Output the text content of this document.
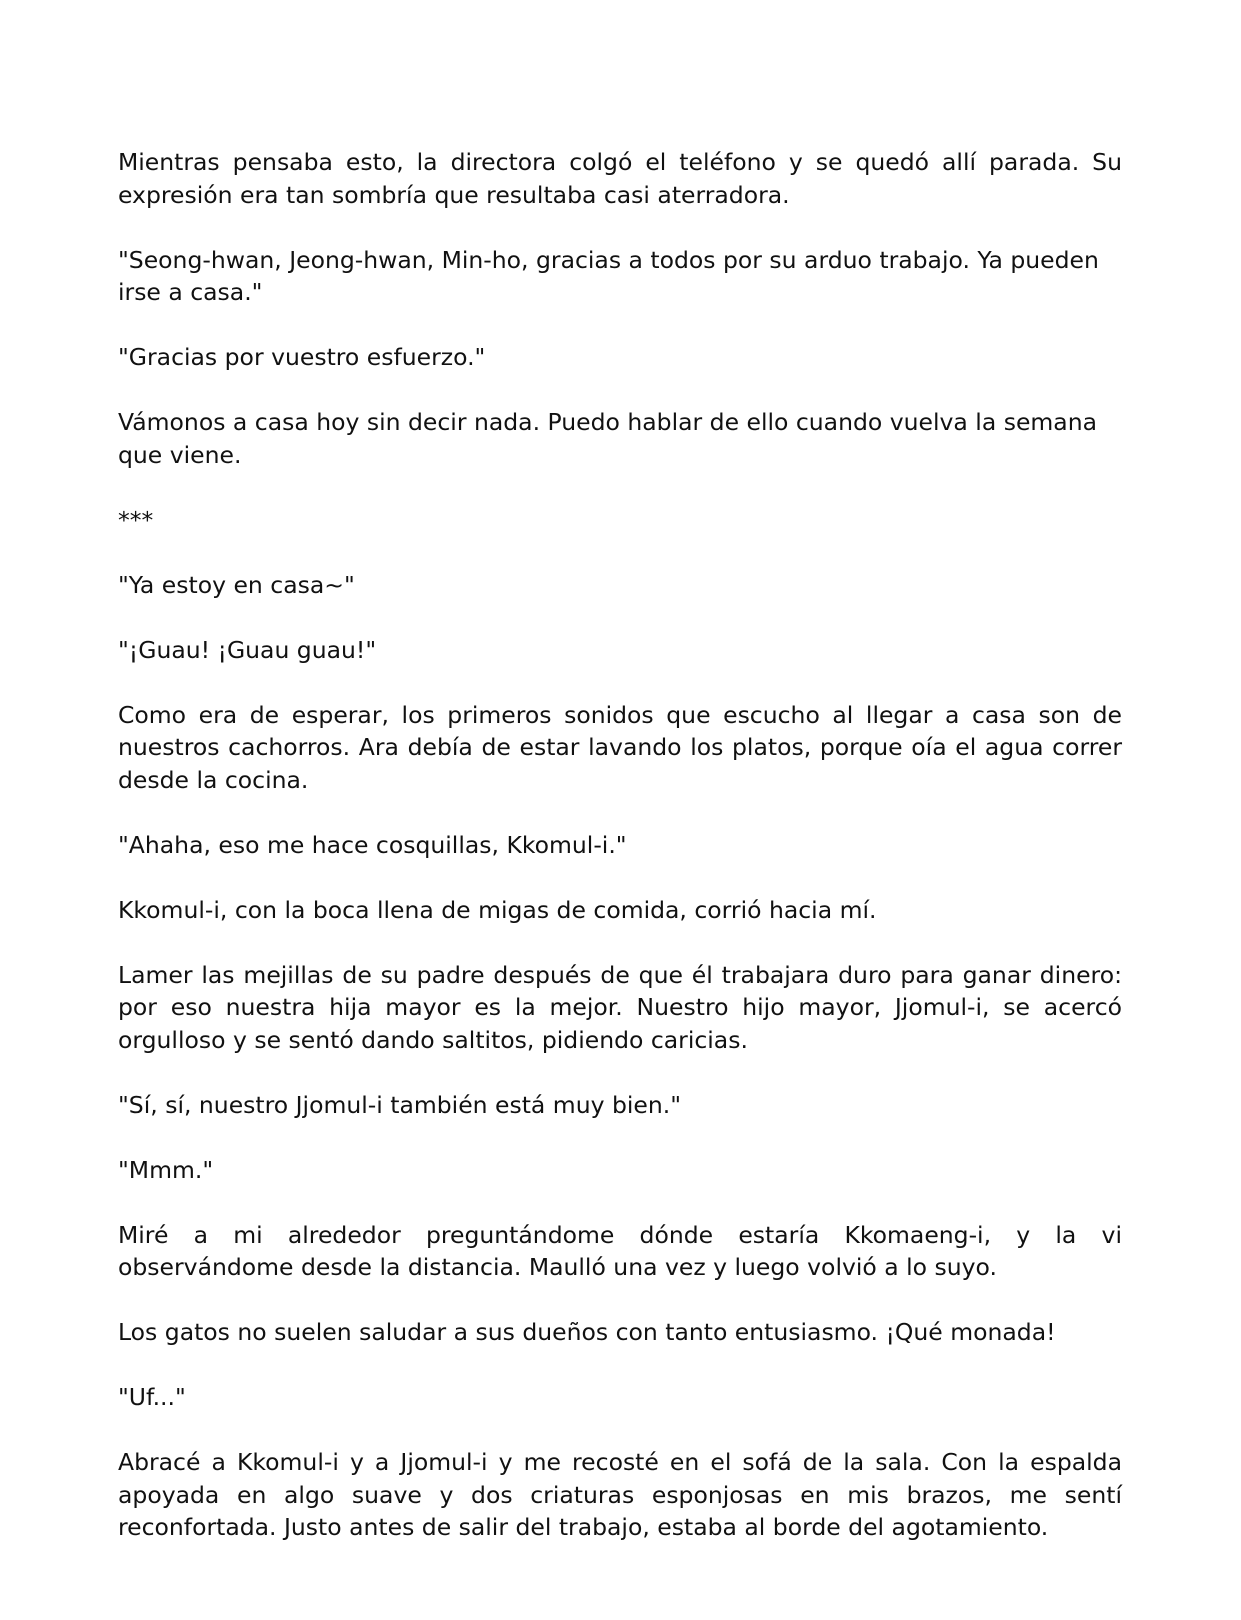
Mientras pensaba esto, la directora colgó el teléfono y se quedó allí parada. Su expresión era tan sombría que resultaba casi aterradora.

"Seong-hwan, Jeong-hwan, Min-ho, gracias a todos por su arduo trabajo. Ya pueden irse a casa."

"Gracias por vuestro esfuerzo."

Vámonos a casa hoy sin decir nada. Puedo hablar de ello cuando vuelva la semana que viene.

***

"Ya estoy en casa~"

"¡Guau! ¡Guau guau!"

Como era de esperar, los primeros sonidos que escucho al llegar a casa son de nuestros cachorros. Ara debía de estar lavando los platos, porque oía el agua correr desde la cocina.

"Ahaha, eso me hace cosquillas, Kkomul-i."

Kkomul-i, con la boca llena de migas de comida, corrió hacia mí.

Lamer las mejillas de su padre después de que él trabajara duro para ganar dinero: por eso nuestra hija mayor es la mejor. Nuestro hijo mayor, Jjomul-i, se acercó orgulloso y se sentó dando saltitos, pidiendo caricias.

"Sí, sí, nuestro Jjomul-i también está muy bien."

"Mmm."

Miré a mi alrededor preguntándome dónde estaría Kkomaeng-i, y la vi observándome desde la distancia. Maulló una vez y luego volvió a lo suyo.

Los gatos no suelen saludar a sus dueños con tanto entusiasmo. ¡Qué monada!

"Uf..."

Abracé a Kkomul-i y a Jjomul-i y me recosté en el sofá de la sala. Con la espalda apoyada en algo suave y dos criaturas esponjosas en mis brazos, me sentí reconfortada. Justo antes de salir del trabajo, estaba al borde del agotamiento.
